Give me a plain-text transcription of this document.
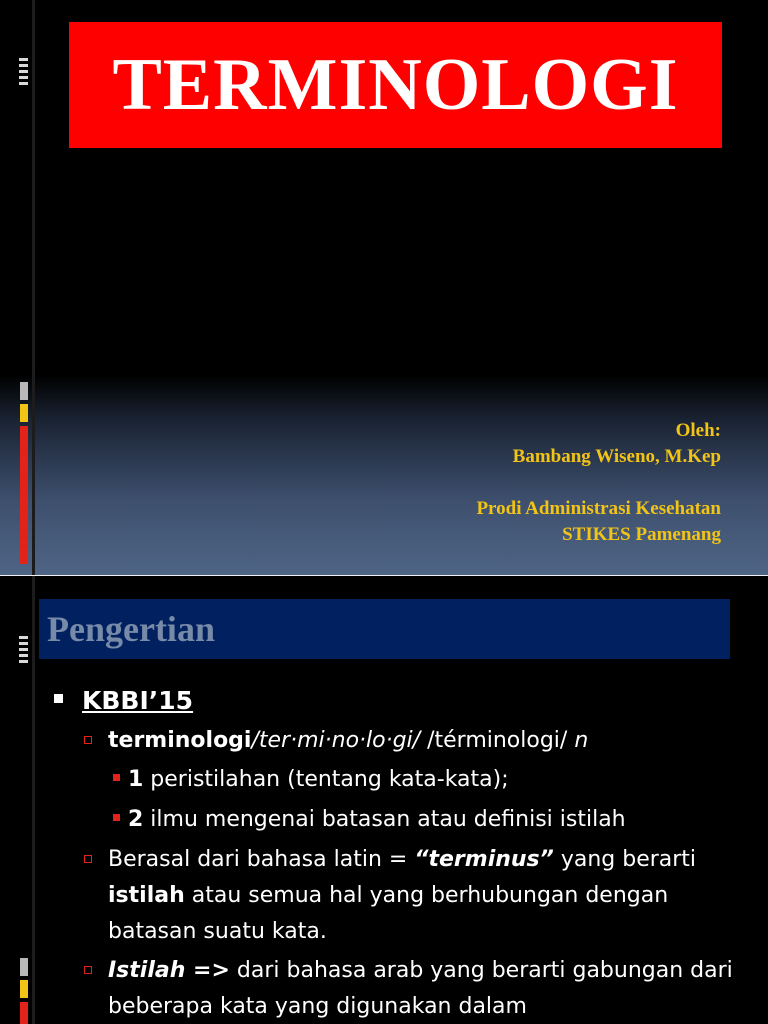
TERMINOLOGI
Oleh:
Bambang Wiseno, M.Kep
Prodi Administrasi Kesehatan
STIKES Pamenang
Pengertian
KBBI’15
terminologi/ter·mi·no·lo·gi/ /términologi/ n
1 peristilahan (tentang kata-kata);
2 ilmu mengenai batasan atau definisi istilah
Berasal dari bahasa latin = “terminus” yang berarti istilah atau semua hal yang berhubungan dengan batasan suatu kata.
Istilah => dari bahasa arab yang berarti gabungan dari beberapa kata yang digunakan dalam
